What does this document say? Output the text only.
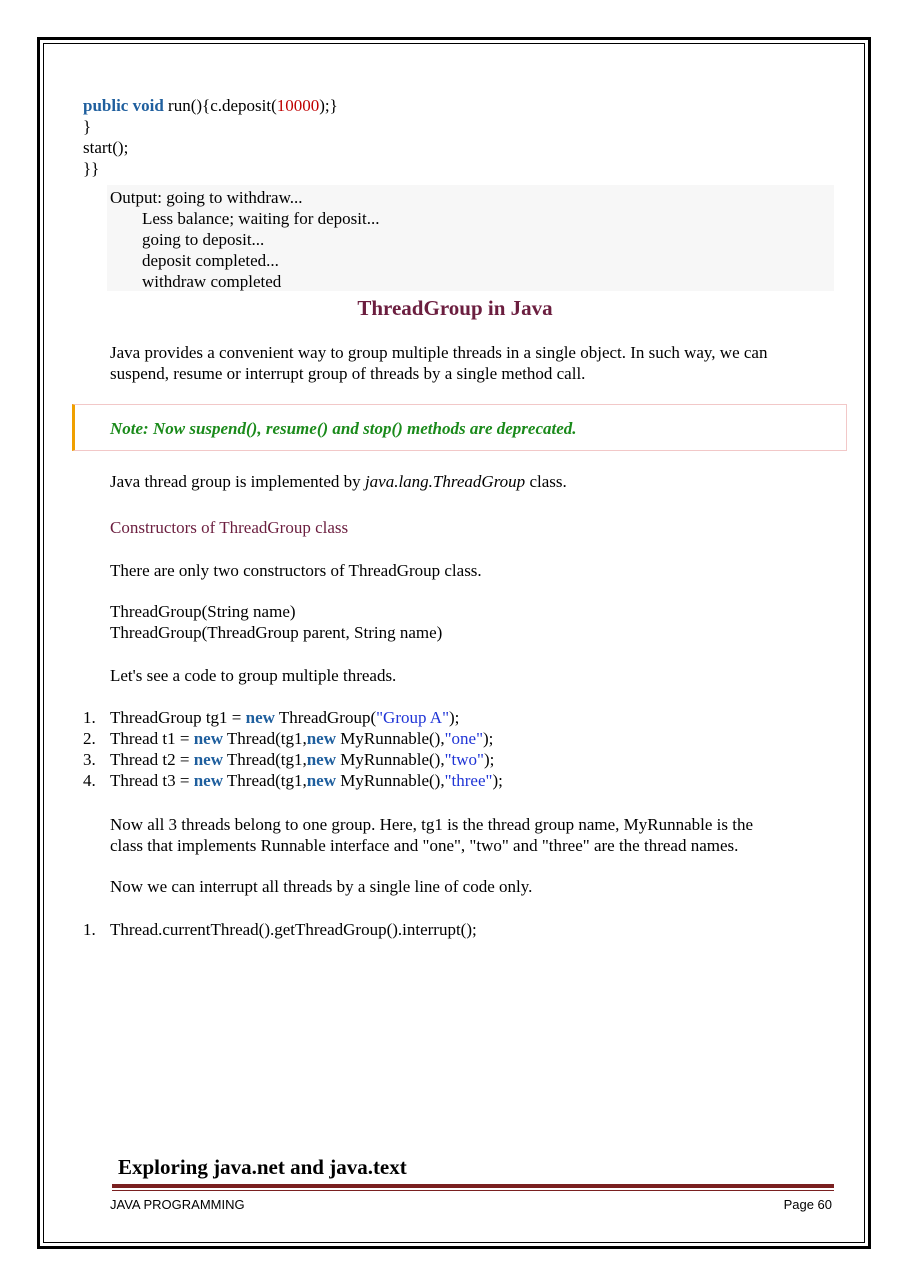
public void run(){c.deposit(10000);}
}
start();
}}
Output: going to withdraw...
Less balance; waiting for deposit...
going to deposit...
deposit completed...
withdraw completed
ThreadGroup in Java
Java provides a convenient way to group multiple threads in a single object. In such way, we can
suspend, resume or interrupt group of threads by a single method call.
Note: Now suspend(), resume() and stop() methods are deprecated.
Java thread group is implemented by java.lang.ThreadGroup class.
Constructors of ThreadGroup class
There are only two constructors of ThreadGroup class.
ThreadGroup(String name)
ThreadGroup(ThreadGroup parent, String name)
Let's see a code to group multiple threads.
1. ThreadGroup tg1 = new ThreadGroup("Group A");
2. Thread t1 = new Thread(tg1,new MyRunnable(),"one");
3. Thread t2 = new Thread(tg1,new MyRunnable(),"two");
4. Thread t3 = new Thread(tg1,new MyRunnable(),"three");
Now all 3 threads belong to one group. Here, tg1 is the thread group name, MyRunnable is the
class that implements Runnable interface and "one", "two" and "three" are the thread names.
Now we can interrupt all threads by a single line of code only.
1. Thread.currentThread().getThreadGroup().interrupt();
Exploring java.net and java.text
JAVA PROGRAMMING	Page 60
